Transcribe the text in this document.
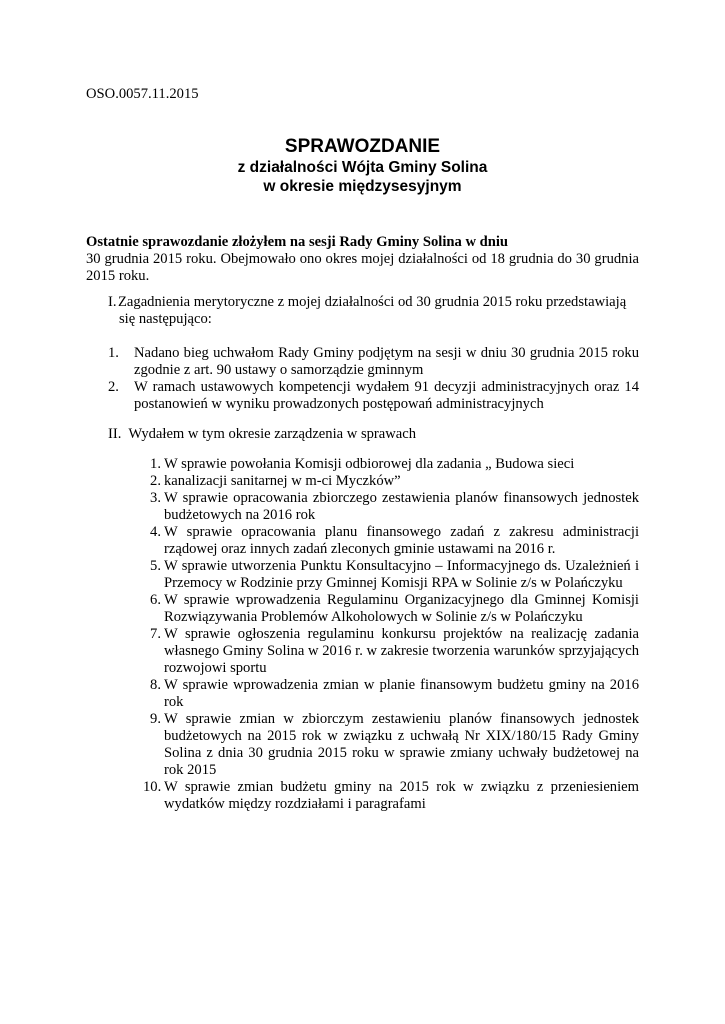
OSO.0057.11.2015
SPRAWOZDANIE
z działalności Wójta Gminy Solina
w okresie międzysesyjnym
Ostatnie sprawozdanie złożyłem na sesji Rady Gminy Solina w dniu
30 grudnia 2015 roku. Obejmowało ono okres mojej działalności od 18 grudnia do 30 grudnia 2015 roku.
I. Zagadnienia merytoryczne z mojej działalności od 30 grudnia 2015 roku przedstawiają się następująco:
1. Nadano bieg uchwałom Rady Gminy podjętym na sesji w dniu 30 grudnia 2015 roku zgodnie z art. 90 ustawy o samorządzie gminnym
2. W ramach ustawowych kompetencji wydałem 91 decyzji administracyjnych oraz 14 postanowień w wyniku prowadzonych postępowań administracyjnych
II. Wydałem w tym okresie zarządzenia w sprawach
1. W sprawie powołania Komisji odbiorowej dla zadania „ Budowa sieci
2. kanalizacji sanitarnej w m-ci Myczków”
3. W sprawie opracowania zbiorczego zestawienia planów finansowych jednostek budżetowych na 2016 rok
4. W sprawie opracowania planu finansowego zadań z zakresu administracji rządowej oraz innych zadań zleconych gminie ustawami na 2016 r.
5. W sprawie utworzenia Punktu Konsultacyjno – Informacyjnego ds. Uzależnień i Przemocy w Rodzinie przy Gminnej Komisji RPA w Solinie z/s w Polańczyku
6. W sprawie wprowadzenia Regulaminu Organizacyjnego dla Gminnej Komisji Rozwiązywania Problemów Alkoholowych w Solinie z/s w Polańczyku
7. W sprawie ogłoszenia regulaminu konkursu projektów na realizację zadania własnego Gminy Solina w 2016 r. w zakresie tworzenia warunków sprzyjających rozwojowi sportu
8. W sprawie wprowadzenia zmian w planie finansowym budżetu gminy na 2016 rok
9. W sprawie zmian w zbiorczym zestawieniu planów finansowych jednostek budżetowych na 2015 rok w związku z uchwałą Nr XIX/180/15 Rady Gminy Solina z dnia 30 grudnia 2015 roku w sprawie zmiany uchwały budżetowej na rok 2015
10. W sprawie zmian budżetu gminy na 2015 rok w związku z przeniesieniem wydatków między rozdziałami i paragrafami
